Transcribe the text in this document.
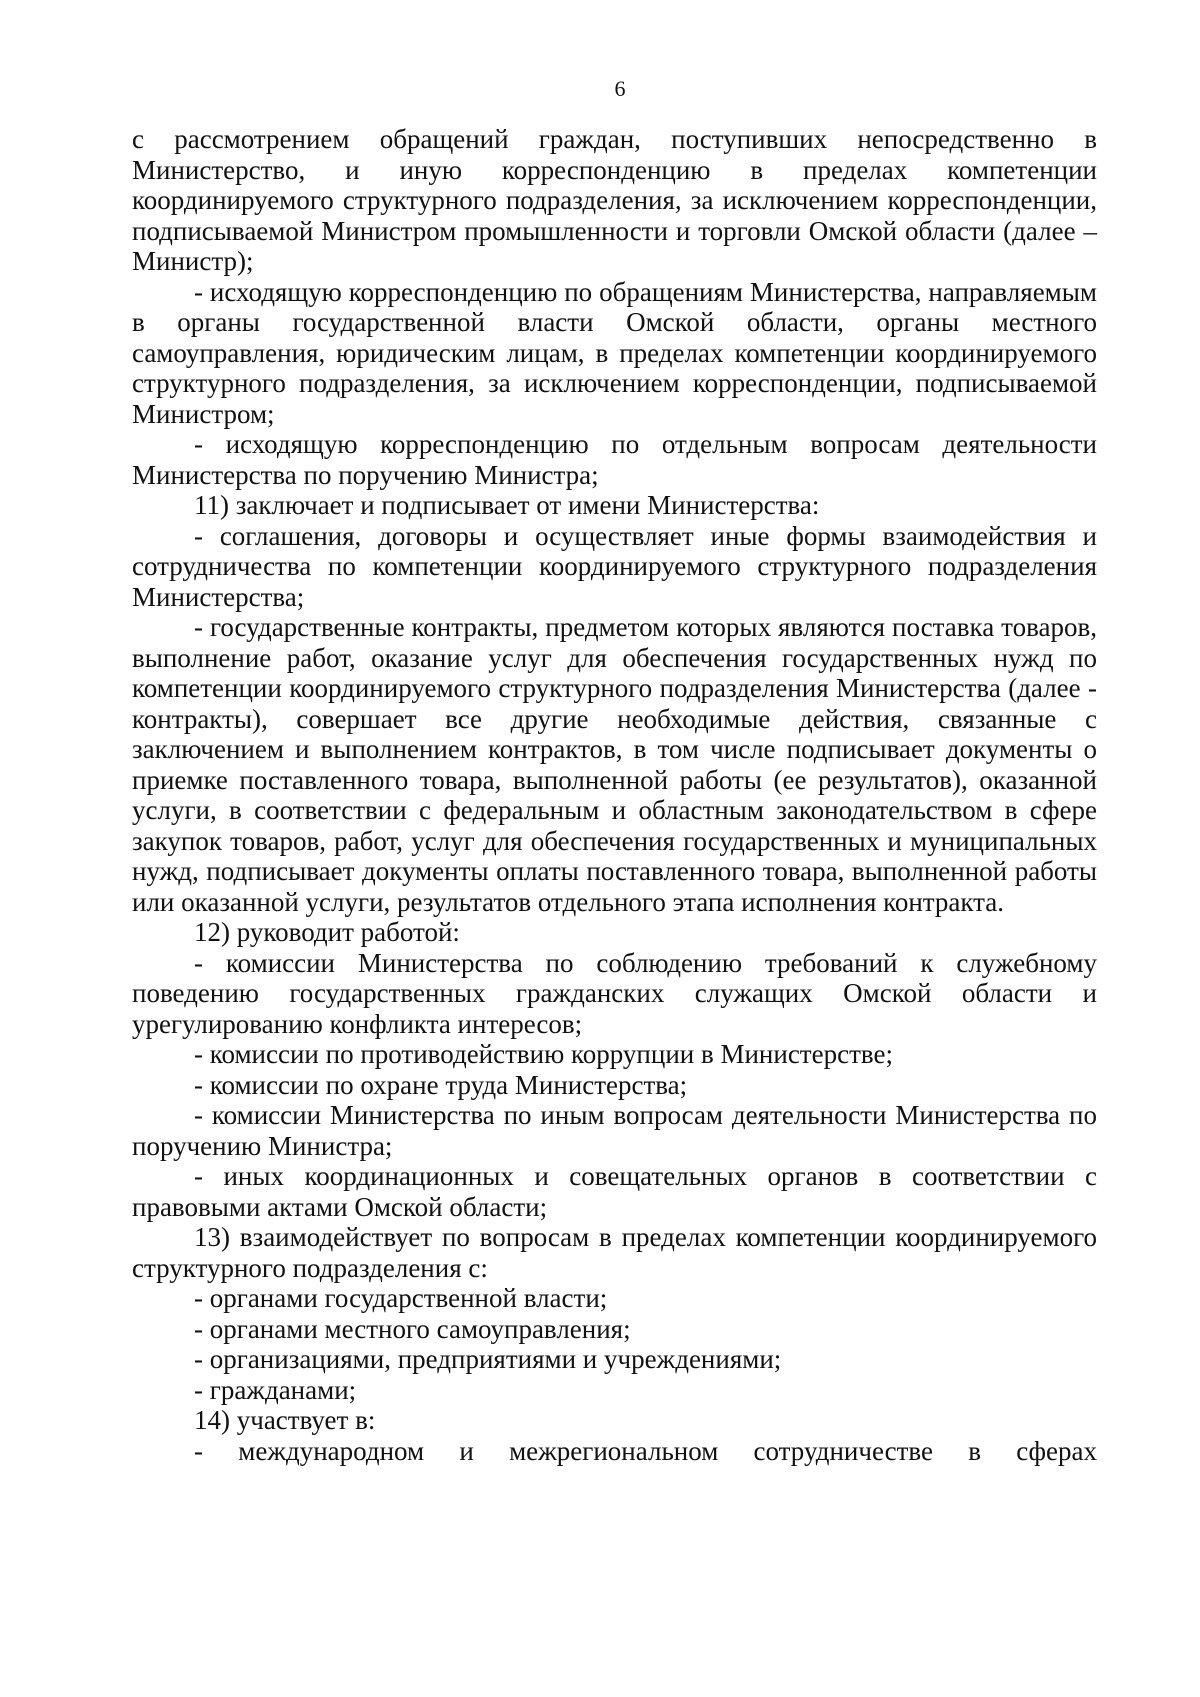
6

с рассмотрением обращений граждан, поступивших непосредственно в Министерство, и иную корреспонденцию в пределах компетенции координируемого структурного подразделения, за исключением корреспонденции, подписываемой Министром промышленности и торговли Омской области (далее – Министр);

- исходящую корреспонденцию по обращениям Министерства, направляемым в органы государственной власти Омской области, органы местного самоуправления, юридическим лицам, в пределах компетенции координируемого структурного подразделения, за исключением корреспонденции, подписываемой Министром;

- исходящую корреспонденцию по отдельным вопросам деятельности Министерства по поручению Министра;

11) заключает и подписывает от имени Министерства:

- соглашения, договоры и осуществляет иные формы взаимодействия и сотрудничества по компетенции координируемого структурного подразделения Министерства;

- государственные контракты, предметом которых являются поставка товаров, выполнение работ, оказание услуг для обеспечения государственных нужд по компетенции координируемого структурного подразделения Министерства (далее - контракты), совершает все другие необходимые действия, связанные с заключением и выполнением контрактов, в том числе подписывает документы о приемке поставленного товара, выполненной работы (ее результатов), оказанной услуги, в соответствии с федеральным и областным законодательством в сфере закупок товаров, работ, услуг для обеспечения государственных и муниципальных нужд, подписывает документы оплаты поставленного товара, выполненной работы или оказанной услуги, результатов отдельного этапа исполнения контракта.

12) руководит работой:

- комиссии Министерства по соблюдению требований к служебному поведению государственных гражданских служащих Омской области и урегулированию конфликта интересов;

- комиссии по противодействию коррупции в Министерстве;

- комиссии по охране труда Министерства;

- комиссии Министерства по иным вопросам деятельности Министерства по поручению Министра;

- иных координационных и совещательных органов в соответствии с правовыми актами Омской области;

13) взаимодействует по вопросам в пределах компетенции координируемого структурного подразделения с:

- органами государственной власти;

- органами местного самоуправления;

- организациями, предприятиями и учреждениями;

- гражданами;

14) участвует в:

- международном и межрегиональном сотрудничестве в сферах
